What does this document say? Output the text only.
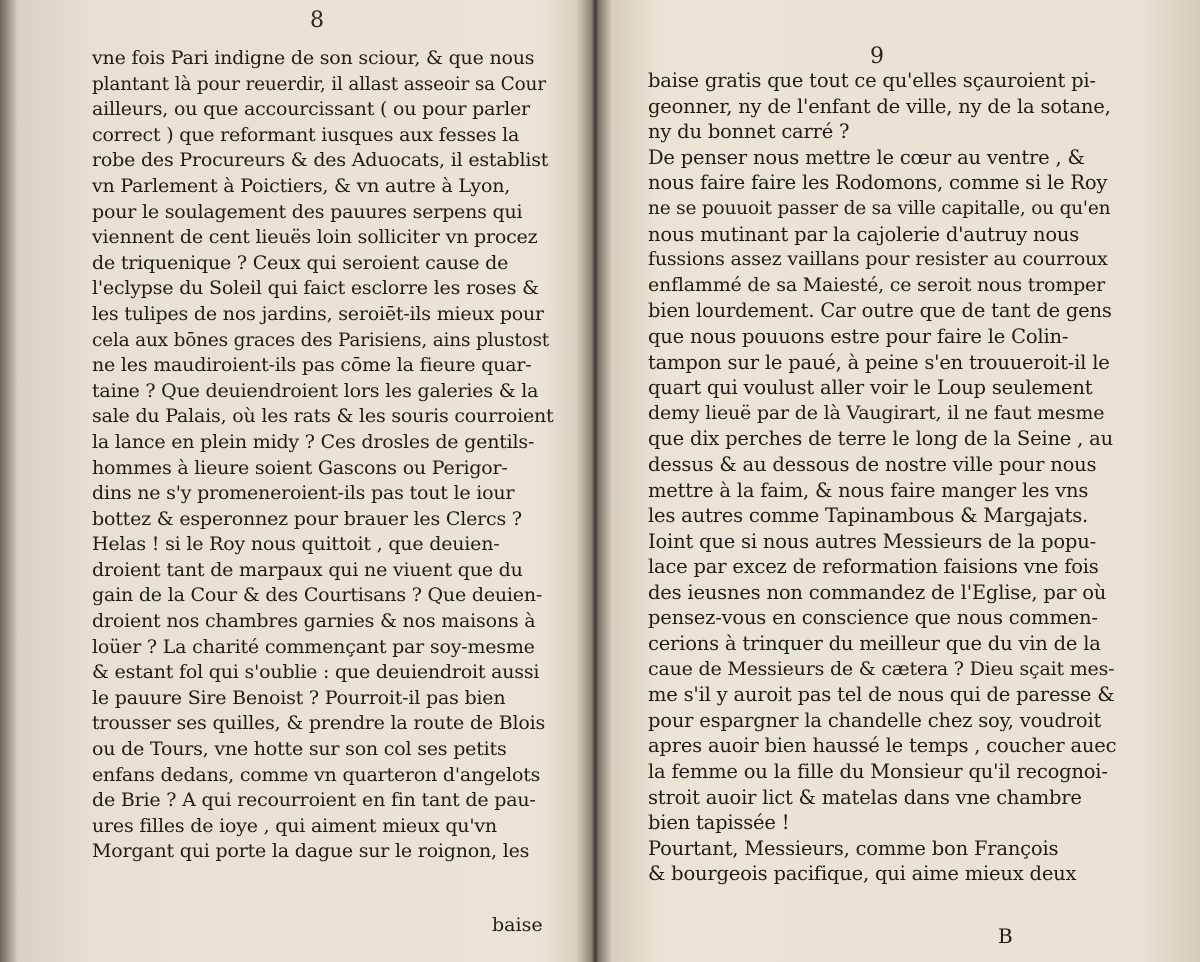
8
vne fois Pari indigne de son sciour, & que nous
plantant là pour reuerdir, il allast asseoir sa Cour
ailleurs, ou que accourcissant ( ou pour parler
correct ) que reformant iusques aux fesses la
robe des Procureurs & des Aduocats, il establist
vn Parlement à Poictiers, & vn autre à Lyon,
pour le soulagement des pauures serpens qui
viennent de cent lieuës loin solliciter vn procez
de triquenique ? Ceux qui seroient cause de
l'eclypse du Soleil qui faict esclorre les roses &
les tulipes de nos jardins, seroiēt-ils mieux pour
cela aux bōnes graces des Parisiens, ains plustost
ne les maudiroient-ils pas cōme la fieure quar-
taine ? Que deuiendroient lors les galeries & la
sale du Palais, où les rats & les souris courroient
la lance en plein midy ? Ces drosles de gentils-
hommes à lieure soient Gascons ou Perigor-
dins ne s'y promeneroient-ils pas tout le iour
bottez & esperonnez pour brauer les Clercs ?
Helas ! si le Roy nous quittoit , que deuien-
droient tant de marpaux qui ne viuent que du
gain de la Cour & des Courtisans ? Que deuien-
droient nos chambres garnies & nos maisons à
loüer ? La charité commençant par soy-mesme
& estant fol qui s'oublie : que deuiendroit aussi
le pauure Sire Benoist ? Pourroit-il pas bien
trousser ses quilles, & prendre la route de Blois
ou de Tours, vne hotte sur son col ses petits
enfans dedans, comme vn quarteron d'angelots
de Brie ? A qui recourroient en fin tant de pau-
ures filles de ioye , qui aiment mieux qu'vn
Morgant qui porte la dague sur le roignon, les
baise
9
baise gratis que tout ce qu'elles sçauroient pi-
geonner, ny de l'enfant de ville, ny de la sotane,
ny du bonnet carré ?
De penser nous mettre le cœur au ventre , &
nous faire faire les Rodomons, comme si le Roy
ne se pouuoit passer de sa ville capitalle, ou qu'en
nous mutinant par la cajolerie d'autruy nous
fussions assez vaillans pour resister au courroux
enflammé de sa Maiesté, ce seroit nous tromper
bien lourdement. Car outre que de tant de gens
que nous pouuons estre pour faire le Colin-
tampon sur le paué, à peine s'en trouueroit-il le
quart qui voulust aller voir le Loup seulement
demy lieuë par de là Vaugirart, il ne faut mesme
que dix perches de terre le long de la Seine , au
dessus & au dessous de nostre ville pour nous
mettre à la faim, & nous faire manger les vns
les autres comme Tapinambous & Margajats.
Ioint que si nous autres Messieurs de la popu-
lace par excez de reformation faisions vne fois
des ieusnes non commandez de l'Eglise, par où
pensez-vous en conscience que nous commen-
cerions à trinquer du meilleur que du vin de la
caue de Messieurs de & cætera ? Dieu sçait mes-
me s'il y auroit pas tel de nous qui de paresse &
pour espargner la chandelle chez soy, voudroit
apres auoir bien haussé le temps , coucher auec
la femme ou la fille du Monsieur qu'il recognoi-
stroit auoir lict & matelas dans vne chambre
bien tapissée !
Pourtant, Messieurs, comme bon François
& bourgeois pacifique, qui aime mieux deux
B
